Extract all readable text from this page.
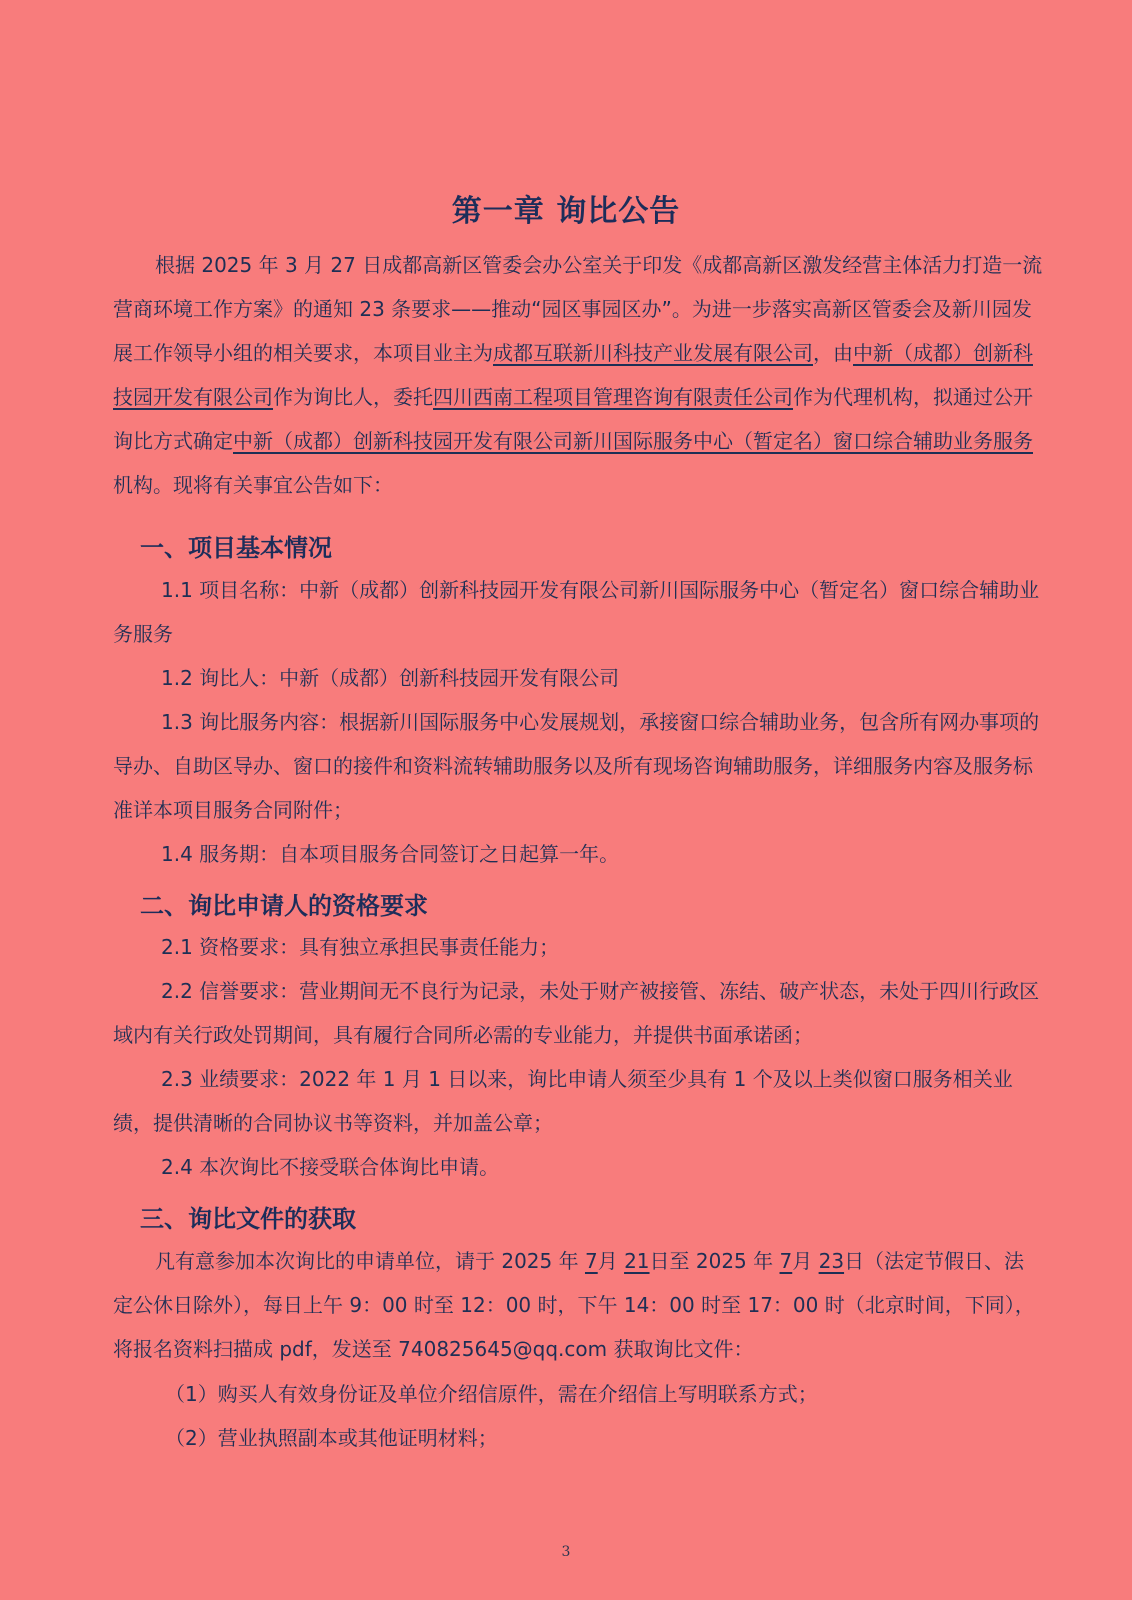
第一章 询比公告
根据 2025 年 3 月 27 日成都高新区管委会办公室关于印发《成都高新区激发经营主体活力打造一流营商环境工作方案》的通知 23 条要求——推动“园区事园区办”。为进一步落实高新区管委会及新川园发展工作领导小组的相关要求，本项目业主为成都互联新川科技产业发展有限公司，由中新（成都）创新科技园开发有限公司作为询比人，委托四川西南工程项目管理咨询有限责任公司作为代理机构，拟通过公开询比方式确定中新（成都）创新科技园开发有限公司新川国际服务中心（暂定名）窗口综合辅助业务服务机构。现将有关事宜公告如下：
一、项目基本情况
1.1 项目名称：中新（成都）创新科技园开发有限公司新川国际服务中心（暂定名）窗口综合辅助业务服务
1.2 询比人：中新（成都）创新科技园开发有限公司
1.3 询比服务内容：根据新川国际服务中心发展规划，承接窗口综合辅助业务，包含所有网办事项的导办、自助区导办、窗口的接件和资料流转辅助服务以及所有现场咨询辅助服务，详细服务内容及服务标准详本项目服务合同附件；
1.4 服务期：自本项目服务合同签订之日起算一年。
二、询比申请人的资格要求
2.1 资格要求：具有独立承担民事责任能力；
2.2 信誉要求：营业期间无不良行为记录，未处于财产被接管、冻结、破产状态，未处于四川行政区域内有关行政处罚期间，具有履行合同所必需的专业能力，并提供书面承诺函；
2.3 业绩要求：2022 年 1 月 1 日以来，询比申请人须至少具有 1 个及以上类似窗口服务相关业绩，提供清晰的合同协议书等资料，并加盖公章；
2.4 本次询比不接受联合体询比申请。
三、询比文件的获取
凡有意参加本次询比的申请单位，请于 2025 年 7月 21日至 2025 年 7月 23日（法定节假日、法定公休日除外），每日上午 9：00 时至 12：00 时，下午 14：00 时至 17：00 时（北京时间，下同），将报名资料扫描成 pdf，发送至 740825645@qq.com 获取询比文件：
（1）购买人有效身份证及单位介绍信原件，需在介绍信上写明联系方式；
（2）营业执照副本或其他证明材料；
3
